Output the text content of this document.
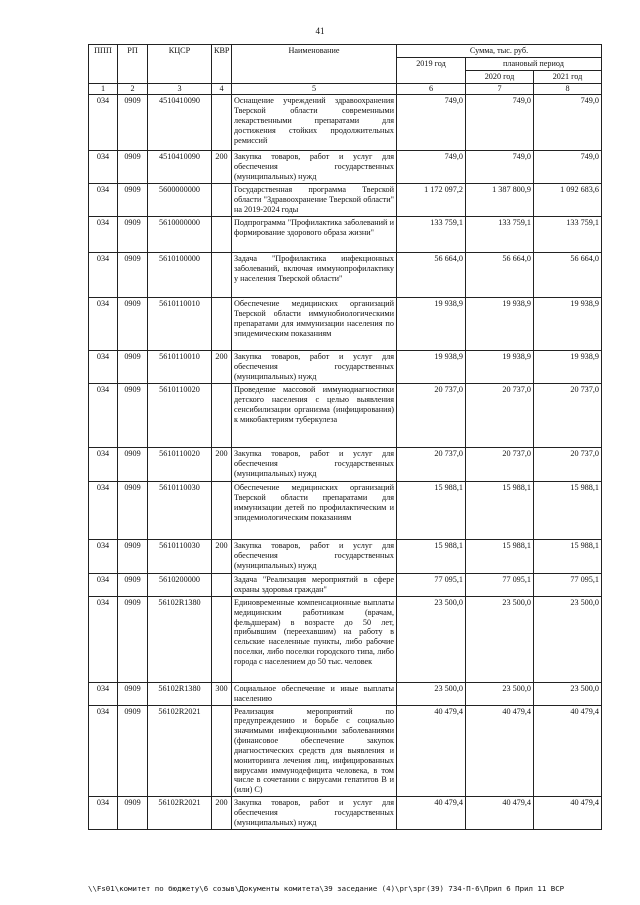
41
ППП	РП	КЦСР	КВР	Наименование	Сумма, тыс. руб.		
					2019 год	плановый период	
						2020 год	2021 год
1	2	3	4	5	6	7	8
034	0909	4510410090		Оснащение учреждений здравоохранения Тверской области современными лекарственными препаратами для достижения стойких продолжительных ремиссий	749,0	749,0	749,0
034	0909	4510410090	200	Закупка товаров, работ и услуг для обеспечения государственных (муниципальных) нужд	749,0	749,0	749,0
034	0909	5600000000		Государственная программа Тверской области "Здравоохранение Тверской области" на 2019-2024 годы	1 172 097,2	1 387 800,9	1 092 683,6
034	0909	5610000000		Подпрограмма "Профилактика заболеваний и формирование здорового образа жизни"	133 759,1	133 759,1	133 759,1
034	0909	5610100000		Задача "Профилактика инфекционных заболеваний, включая иммунопрофилактику у населения Тверской области"	56 664,0	56 664,0	56 664,0
034	0909	5610110010		Обеспечение медицинских организаций Тверской области иммунобиологическими препаратами для иммунизации населения по эпидемическим показаниям	19 938,9	19 938,9	19 938,9
034	0909	5610110010	200	Закупка товаров, работ и услуг для обеспечения государственных (муниципальных) нужд	19 938,9	19 938,9	19 938,9
034	0909	5610110020		Проведение массовой иммунодиагностики детского населения с целью выявления сенсибилизации организма (инфицирования) к микобактериям туберкулеза	20 737,0	20 737,0	20 737,0
034	0909	5610110020	200	Закупка товаров, работ и услуг для обеспечения государственных (муниципальных) нужд	20 737,0	20 737,0	20 737,0
034	0909	5610110030		Обеспечение медицинских организаций Тверской области препаратами для иммунизации детей по профилактическим и эпидемиологическим показаниям	15 988,1	15 988,1	15 988,1
034	0909	5610110030	200	Закупка товаров, работ и услуг для обеспечения государственных (муниципальных) нужд	15 988,1	15 988,1	15 988,1
034	0909	5610200000		Задача "Реализация мероприятий в сфере охраны здоровья граждан"	77 095,1	77 095,1	77 095,1
034	0909	56102R1380		Единовременные компенсационные выплаты медицинским работникам (врачам, фельдшерам) в возрасте до 50 лет, прибывшим (переехавшим) на работу в сельские населенные пункты, либо рабочие поселки, либо поселки городского типа, либо города с населением до 50 тыс. человек	23 500,0	23 500,0	23 500,0
034	0909	56102R1380	300	Социальное обеспечение и иные выплаты населению	23 500,0	23 500,0	23 500,0
034	0909	56102R2021		Реализация мероприятий по предупреждению и борьбе с социально значимыми инфекционными заболеваниями (финансовое обеспечение закупок диагностических средств для выявления и мониторинга лечения лиц, инфицированных вирусами иммунодефицита человека, в том числе в сочетании с вирусами гепатитов B и (или) C)	40 479,4	40 479,4	40 479,4
034	0909	56102R2021	200	Закупка товаров, работ и услуг для обеспечения государственных (муниципальных) нужд	40 479,4	40 479,4	40 479,4
\\Fs01\комитет по бюджету\6 созыв\Документы комитета\39 заседание (4)\рг\зрг(39) 734-П-6\Прил 6 Прил 11 ВСР
